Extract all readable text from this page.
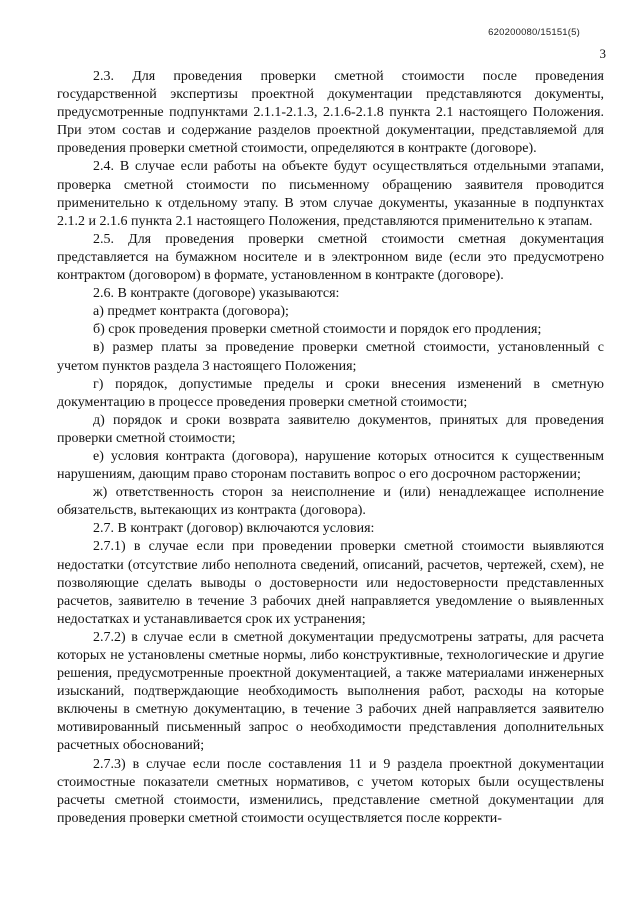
620200080/15151(5)
3

2.3. Для проведения проверки сметной стоимости после проведения государственной экспертизы проектной документации представляются документы, предусмотренные подпунктами 2.1.1-2.1.3, 2.1.6-2.1.8 пункта 2.1 настоящего Положения. При этом состав и содержание разделов проектной документации, представляемой для проведения проверки сметной стоимости, определяются в контракте (договоре).

2.4. В случае если работы на объекте будут осуществляться отдельными этапами, проверка сметной стоимости по письменному обращению заявителя проводится применительно к отдельному этапу. В этом случае документы, указанные в подпунктах 2.1.2 и 2.1.6 пункта 2.1 настоящего Положения, представляются применительно к этапам.

2.5. Для проведения проверки сметной стоимости сметная документация представляется на бумажном носителе и в электронном виде (если это предусмотрено контрактом (договором) в формате, установленном в контракте (договоре).

2.6. В контракте (договоре) указываются:

а) предмет контракта (договора);

б) срок проведения проверки сметной стоимости и порядок его продления;

в) размер платы за проведение проверки сметной стоимости, установленный с учетом пунктов раздела 3 настоящего Положения;

г) порядок, допустимые пределы и сроки внесения изменений в сметную документацию в процессе проведения проверки сметной стоимости;

д) порядок и сроки возврата заявителю документов, принятых для проведения проверки сметной стоимости;

е) условия контракта (договора), нарушение которых относится к существенным нарушениям, дающим право сторонам поставить вопрос о его досрочном расторжении;

ж) ответственность сторон за неисполнение и (или) ненадлежащее исполнение обязательств, вытекающих из контракта (договора).

2.7. В контракт (договор) включаются условия:

2.7.1) в случае если при проведении проверки сметной стоимости выявляются недостатки (отсутствие либо неполнота сведений, описаний, расчетов, чертежей, схем), не позволяющие сделать выводы о достоверности или недостоверности представленных расчетов, заявителю в течение 3 рабочих дней направляется уведомление о выявленных недостатках и устанавливается срок их устранения;

2.7.2) в случае если в сметной документации предусмотрены затраты, для расчета которых не установлены сметные нормы, либо конструктивные, технологические и другие решения, предусмотренные проектной документацией, а также материалами инженерных изысканий, подтверждающие необходимость выполнения работ, расходы на которые включены в сметную документацию, в течение 3 рабочих дней направляется заявителю мотивированный письменный запрос о необходимости представления дополнительных расчетных обоснований;

2.7.3) в случае если после составления 11 и 9 раздела проектной документации стоимостные показатели сметных нормативов, с учетом которых были осуществлены расчеты сметной стоимости, изменились, представление сметной документации для проведения проверки сметной стоимости осуществляется после корректи-
